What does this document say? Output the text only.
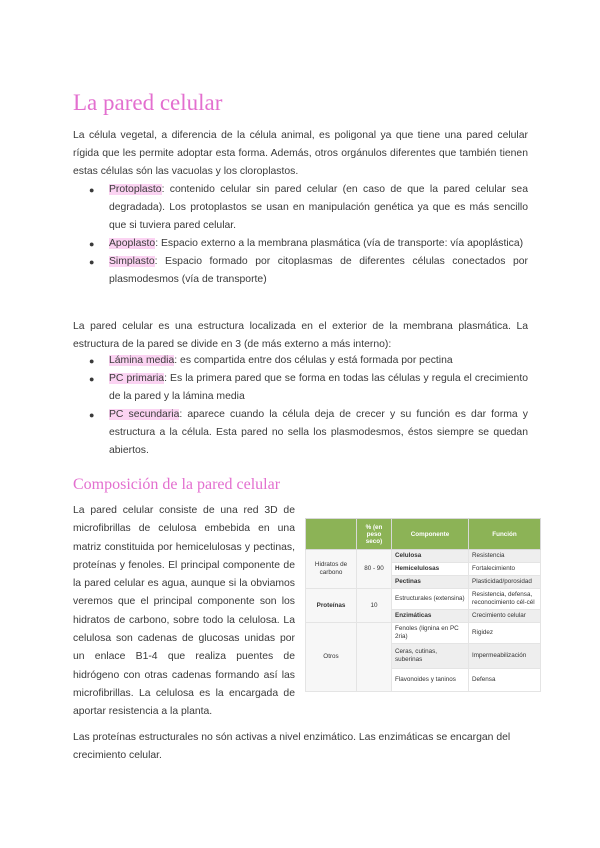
La pared celular

La célula vegetal, a diferencia de la célula animal, es poligonal ya que tiene una pared celular rígida que les permite adoptar esta forma. Además, otros orgánulos diferentes que también tienen estas células són las vacuolas y los cloroplastos.

● Protoplasto: contenido celular sin pared celular (en caso de que la pared celular sea degradada). Los protoplastos se usan en manipulación genética ya que es más sencillo que si tuviera pared celular.
● Apoplasto: Espacio externo a la membrana plasmática (vía de transporte: vía apoplástica)
● Simplasto: Espacio formado por citoplasmas de diferentes células conectados por plasmodesmos (vía de transporte)

La pared celular es una estructura localizada en el exterior de la membrana plasmática. La estructura de la pared se divide en 3 (de más externo a más interno):

● Lámina media: es compartida entre dos células y está formada por pectina
● PC primaria: Es la primera pared que se forma en todas las células y regula el crecimiento de la pared y la lámina media
● PC secundaria: aparece cuando la célula deja de crecer y su función es dar forma y estructura a la célula. Esta pared no sella los plasmodesmos, éstos siempre se quedan abiertos.
Composición de la pared celular

La pared celular consiste de una red 3D de microfibrillas de celulosa embebida en una matriz constituida por hemicelulosas y pectinas, proteínas y fenoles. El principal componente de la pared celular es agua, aunque si la obviamos veremos que el principal componente son los hidratos de carbono, sobre todo la celulosa. La celulosa son cadenas de glucosas unidas por un enlace B1-4 que realiza puentes de hidrógeno con otras cadenas formando así las microfibrillas. La celulosa es la encargada de aportar resistencia a la planta.

	% (en peso seco)	Componente	Función
Hidratos de carbono	80 - 90	Celulosa	Resistencia
		Hemicelulosas	Fortalecimiento
		Pectinas	Plasticidad/porosidad
Proteínas	10	Estructurales (extensina)	Resistencia, defensa, reconocimiento cél-cél
		Enzimáticas	Crecimiento celular
Otros		Fenoles (lignina en PC 2ria)	Rigidez
		Ceras, cutinas, suberinas	Impermeabilización
		Flavonoides y taninos	Defensa

Las proteínas estructurales no són activas a nivel enzimático. Las enzimáticas se encargan del crecimiento celular.
